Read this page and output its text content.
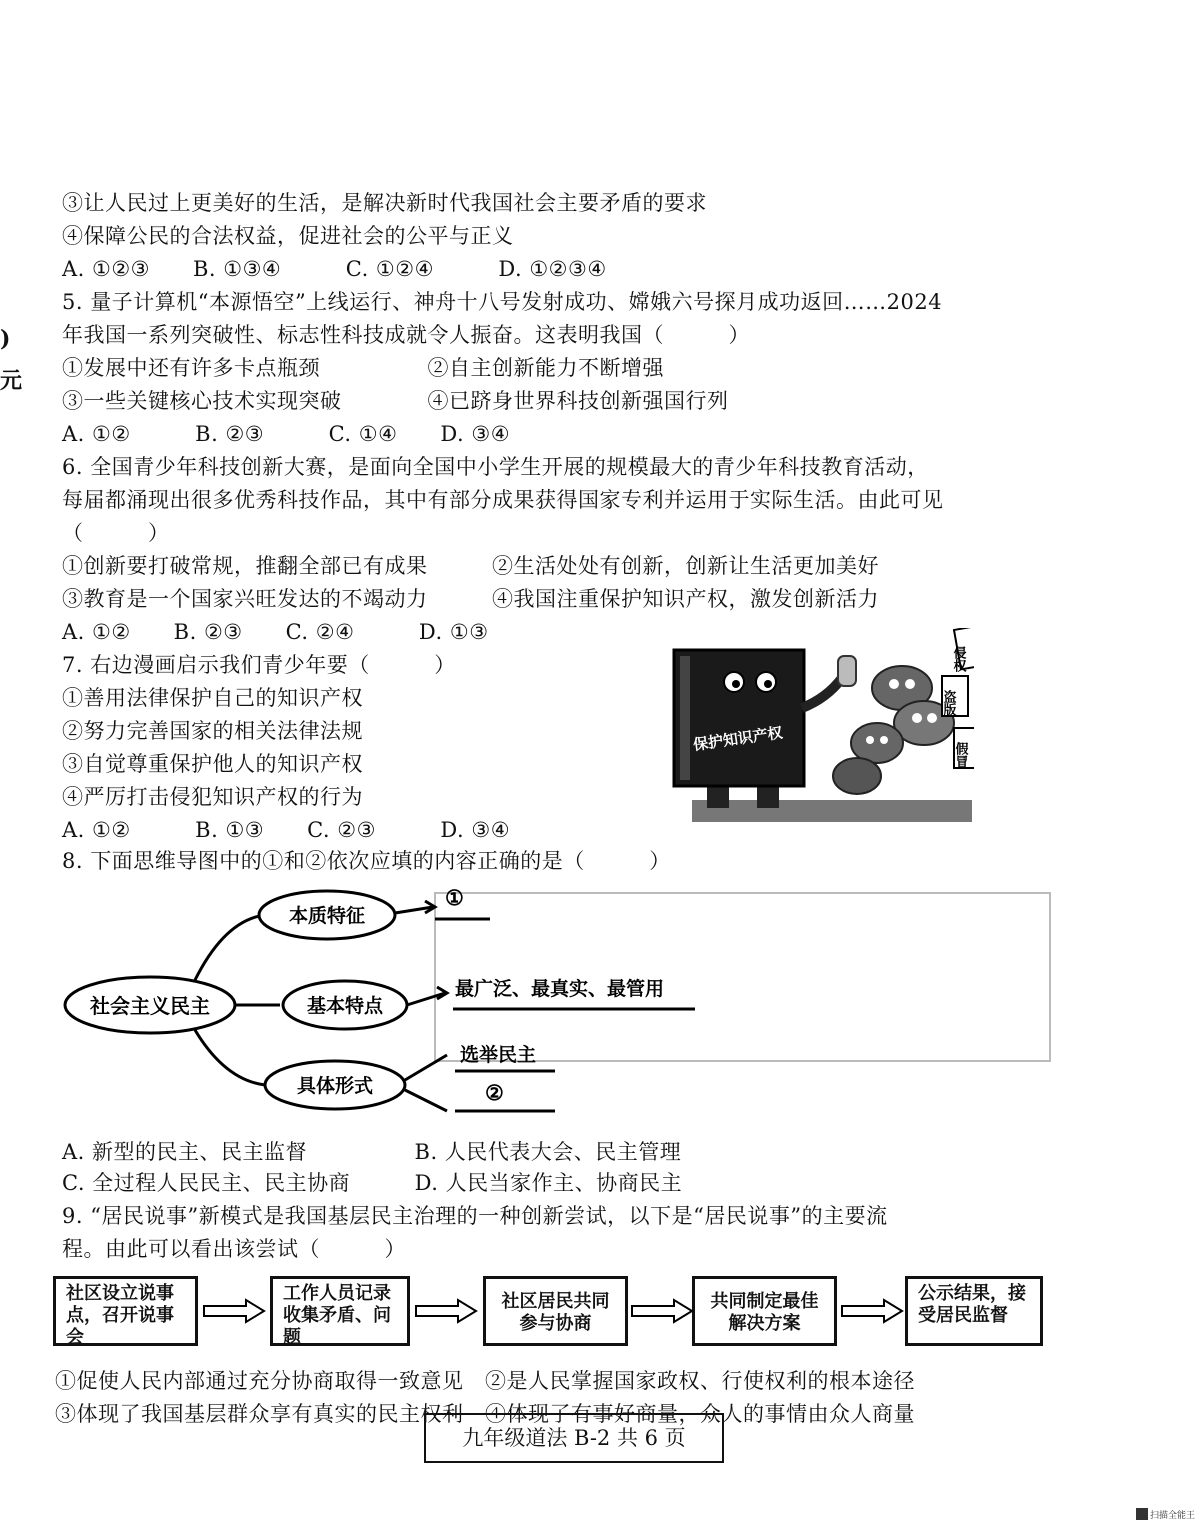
)
元
③让人民过上更美好的生活，是解决新时代我国社会主要矛盾的要求
④保障公民的合法权益，促进社会的公平与正义
A. ①②③　　B. ①③④　　　C. ①②④　　　D. ①②③④
5. 量子计算机“本源悟空”上线运行、神舟十八号发射成功、嫦娥六号探月成功返回……2024
年我国一系列突破性、标志性科技成就令人振奋。这表明我国（　　　）
①发展中还有许多卡点瓶颈　　　　　②自主创新能力不断增强
③一些关键核心技术实现突破　　　　④已跻身世界科技创新强国行列
A. ①②　　　B. ②③　　　C. ①④　　D. ③④
6. 全国青少年科技创新大赛，是面向全国中小学生开展的规模最大的青少年科技教育活动，
每届都涌现出很多优秀科技作品，其中有部分成果获得国家专利并运用于实际生活。由此可见
（　　　）
①创新要打破常规，推翻全部已有成果　　　②生活处处有创新，创新让生活更加美好
③教育是一个国家兴旺发达的不竭动力　　　④我国注重保护知识产权，激发创新活力
A. ①②　　B. ②③　　C. ②④　　　D. ①③
7. 右边漫画启示我们青少年要（　　　）
①善用法律保护自己的知识产权
②努力完善国家的相关法律法规
③自觉尊重保护他人的知识产权
④严厉打击侵犯知识产权的行为
A. ①②　　　B. ①③　　C. ②③　　　D. ③④
8. 下面思维导图中的①和②依次应填的内容正确的是（　　　）
A. 新型的民主、民主监督　　　　　B. 人民代表大会、民主管理
C. 全过程人民民主、民主协商　　　D. 人民当家作主、协商民主
9. “居民说事”新模式是我国基层民主治理的一种创新尝试，以下是“居民说事”的主要流
程。由此可以看出该尝试（　　　）
①促使人民内部通过充分协商取得一致意见　②是人民掌握国家政权、行使权利的根本途径
③体现了我国基层群众享有真实的民主权利　④体现了有事好商量，众人的事情由众人商量
保护知识产权
侵权
盗版
假冒
社会主义民主
本质特征
基本特点
具体形式
①
最广泛、最真实、最管用
选举民主
②
社区设立说事点，召开说事会
工作人员记录收集矛盾、问题
社区居民共同参与协商
共同制定最佳解决方案
公示结果，接受居民监督
九年级道法 B-2 共 6 页
扫描全能王
